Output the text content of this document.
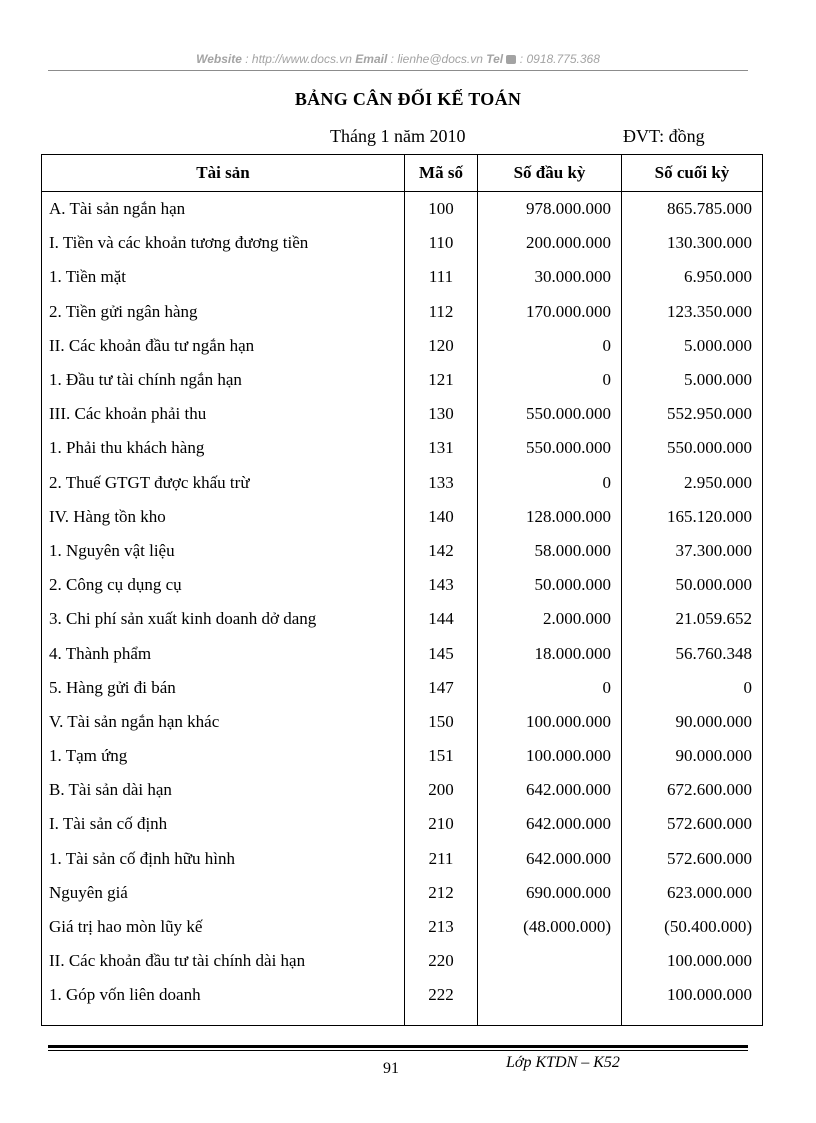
Website : http://www.docs.vn Email : lienhe@docs.vn Tel  : 0918.775.368
BẢNG CÂN ĐỐI KẾ TOÁN
Tháng 1 năm 2010	ĐVT: đồng
Tài sản	Mã số	Số đầu kỳ	Số cuối kỳ
A. Tài sản ngắn hạn	100	978.000.000	865.785.000
I. Tiền và các khoản tương đương tiền	110	200.000.000	130.300.000
1. Tiền mặt	111	30.000.000	6.950.000
2. Tiền gửi ngân hàng	112	170.000.000	123.350.000
II. Các khoản đầu tư ngắn hạn	120	0	5.000.000
1. Đầu tư tài chính ngắn hạn	121	0	5.000.000
III. Các khoản phải thu	130	550.000.000	552.950.000
1. Phải thu khách hàng	131	550.000.000	550.000.000
2. Thuế GTGT được khấu trừ	133	0	2.950.000
IV. Hàng tồn kho	140	128.000.000	165.120.000
1. Nguyên vật liệu	142	58.000.000	37.300.000
2. Công cụ dụng cụ	143	50.000.000	50.000.000
3. Chi phí sản xuất kinh doanh dở dang	144	2.000.000	21.059.652
4. Thành phẩm	145	18.000.000	56.760.348
5. Hàng gửi đi bán	147	0	0
V. Tài sản ngắn hạn khác	150	100.000.000	90.000.000
1. Tạm ứng	151	100.000.000	90.000.000
B. Tài sản dài hạn	200	642.000.000	672.600.000
I. Tài sản cố định	210	642.000.000	572.600.000
1. Tài sản cố định hữu hình	211	642.000.000	572.600.000
Nguyên giá	212	690.000.000	623.000.000
Giá trị hao mòn lũy kế	213	(48.000.000)	(50.400.000)
II. Các khoản đầu tư tài chính dài hạn	220		100.000.000
1. Góp vốn liên doanh	222		100.000.000
91	Lớp KTDN – K52
